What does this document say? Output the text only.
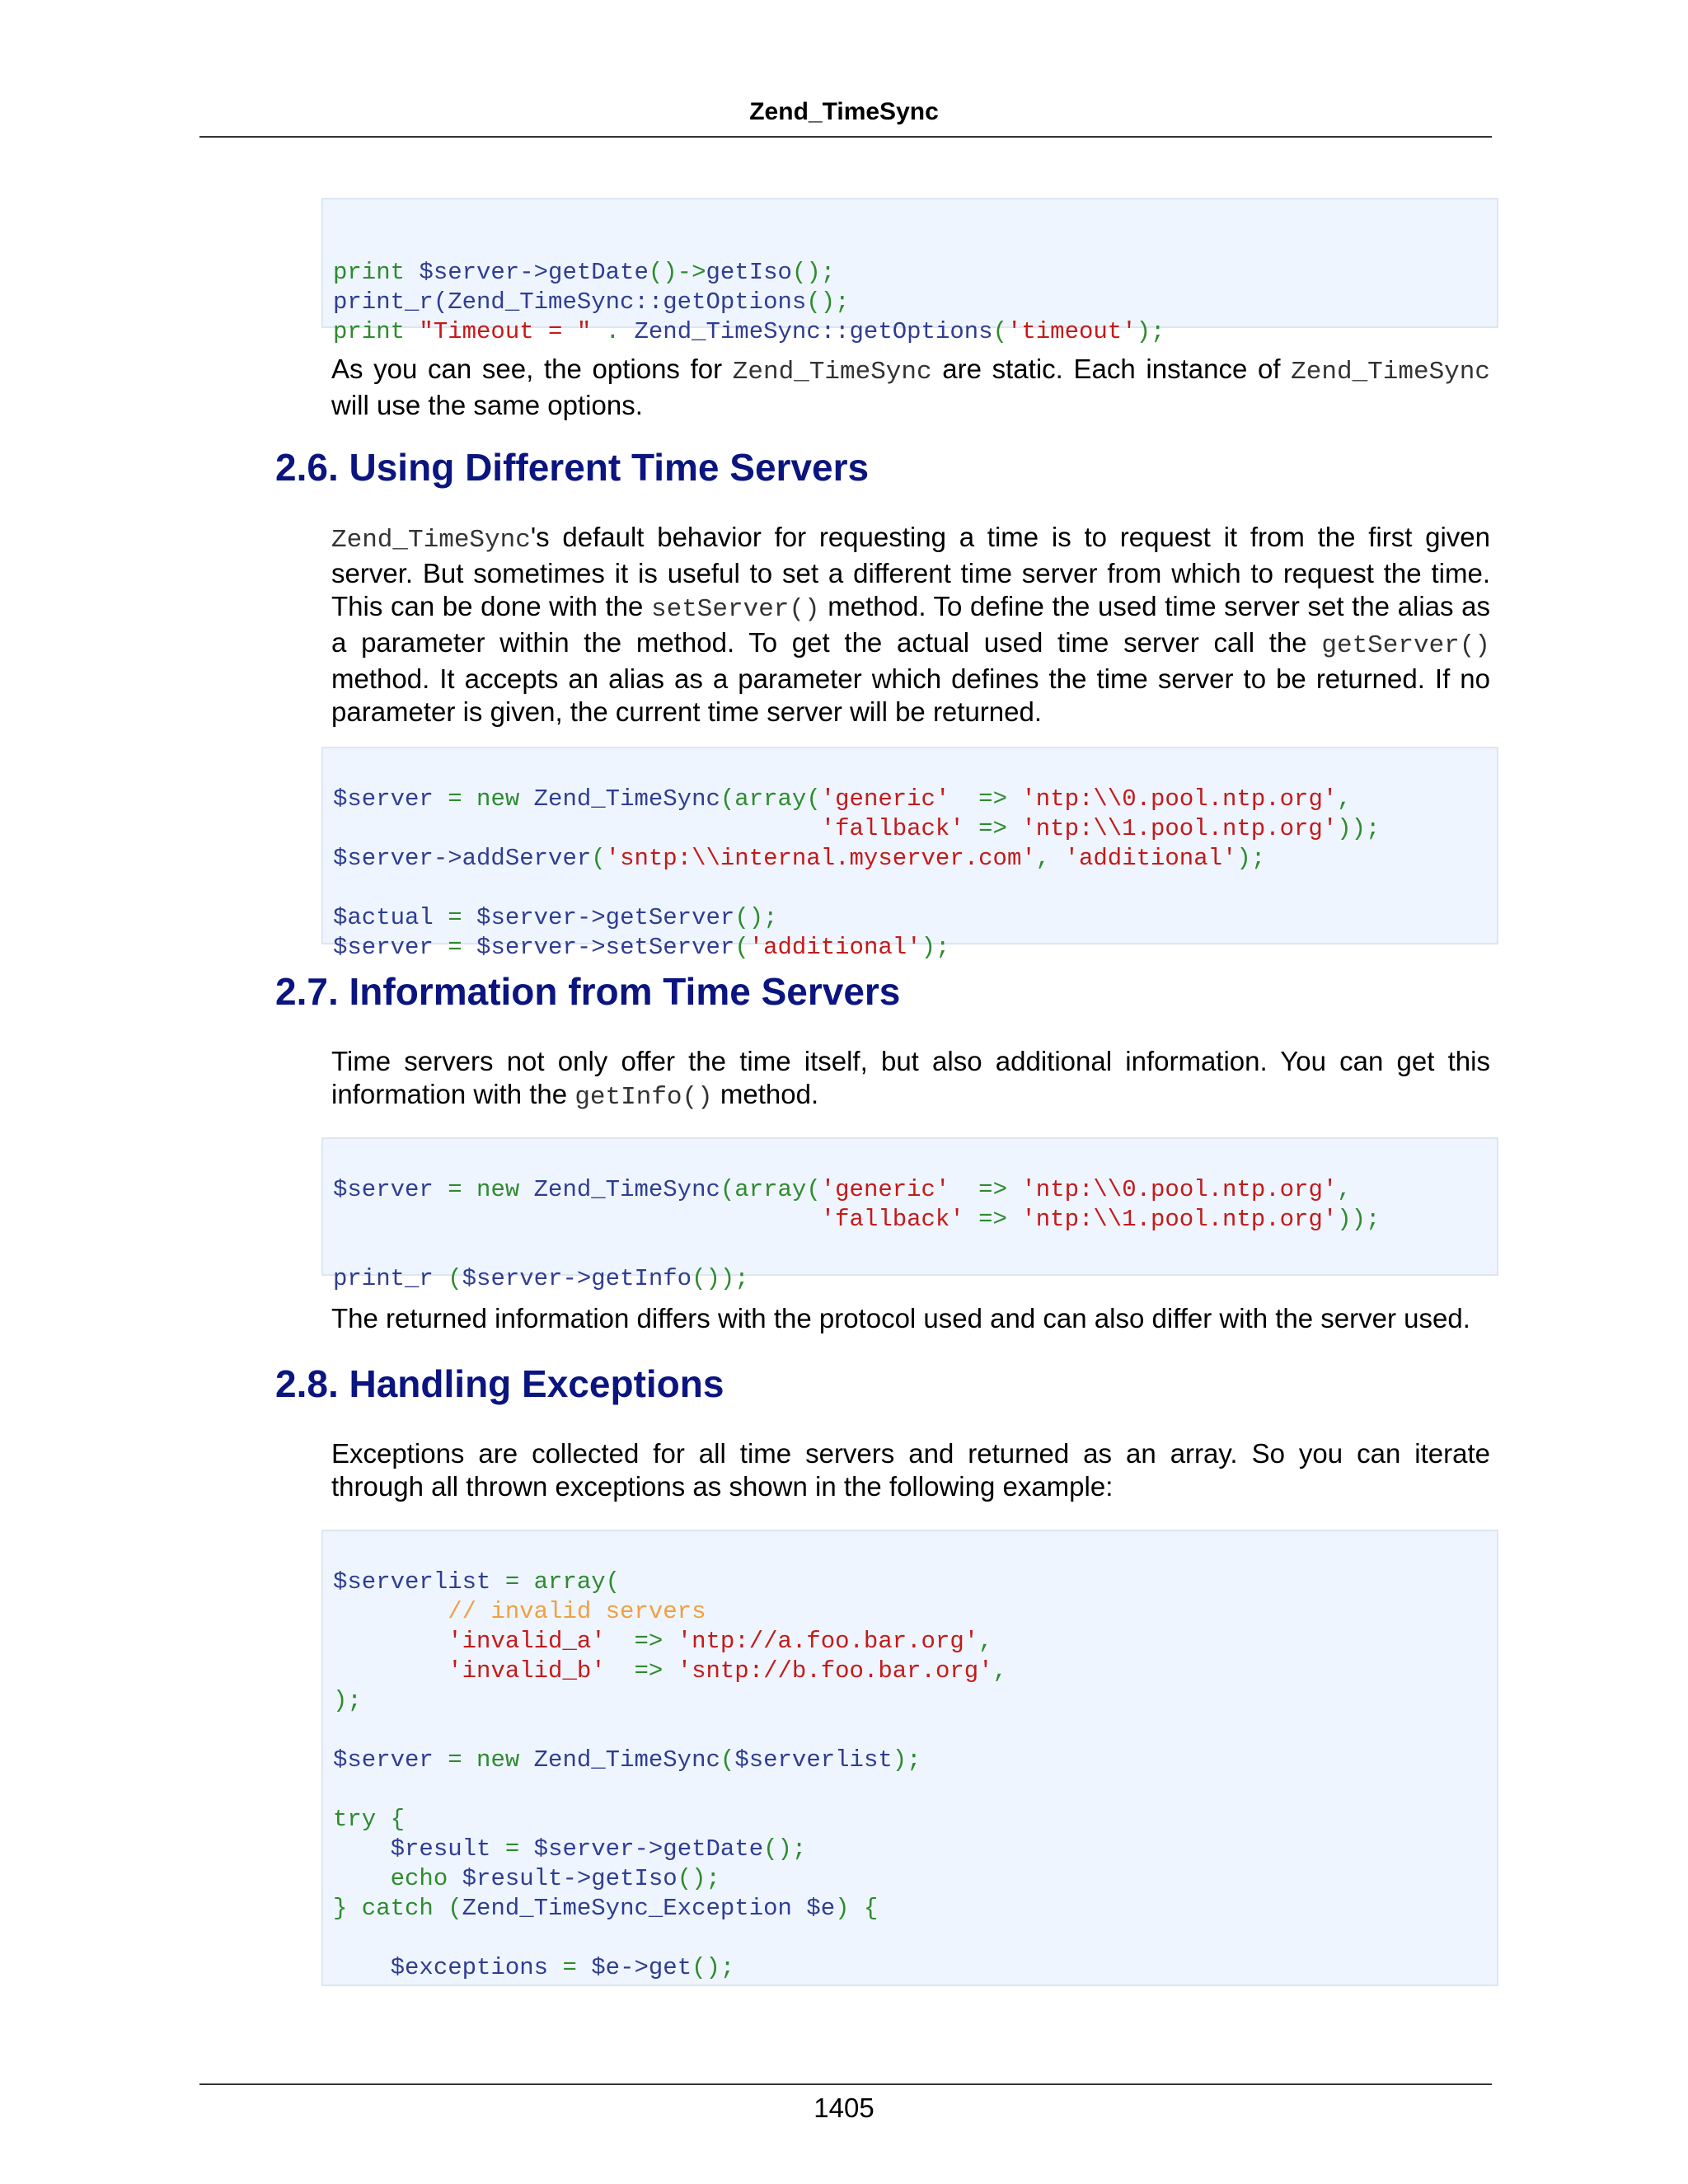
Zend_TimeSync

print $server->getDate()->getIso();
print_r(Zend_TimeSync::getOptions();
print "Timeout = " . Zend_TimeSync::getOptions('timeout');

As you can see, the options for Zend_TimeSync are static. Each instance of Zend_TimeSync will use the same options.

2.6. Using Different Time Servers

Zend_TimeSync's default behavior for requesting a time is to request it from the first given server. But sometimes it is useful to set a different time server from which to request the time. This can be done with the setServer() method. To define the used time server set the alias as a parameter within the method. To get the actual used time server call the getServer() method. It accepts an alias as a parameter which defines the time server to be returned. If no parameter is given, the current time server will be returned.

$server = new Zend_TimeSync(array('generic'  => 'ntp:\\0.pool.ntp.org',
'fallback' => 'ntp:\\1.pool.ntp.org'));
$server->addServer('sntp:\\internal.myserver.com', 'additional');

$actual = $server->getServer();
$server = $server->setServer('additional');

2.7. Information from Time Servers

Time servers not only offer the time itself, but also additional information. You can get this information with the getInfo() method.

$server = new Zend_TimeSync(array('generic'  => 'ntp:\\0.pool.ntp.org',
'fallback' => 'ntp:\\1.pool.ntp.org'));

print_r ($server->getInfo());

The returned information differs with the protocol used and can also differ with the server used.

2.8. Handling Exceptions

Exceptions are collected for all time servers and returned as an array. So you can iterate through all thrown exceptions as shown in the following example:

$serverlist = array(
// invalid servers
'invalid_a'  => 'ntp://a.foo.bar.org',
'invalid_b'  => 'sntp://b.foo.bar.org',
);

$server = new Zend_TimeSync($serverlist);

try {
$result = $server->getDate();
echo $result->getIso();
} catch (Zend_TimeSync_Exception $e) {

$exceptions = $e->get();

1405
